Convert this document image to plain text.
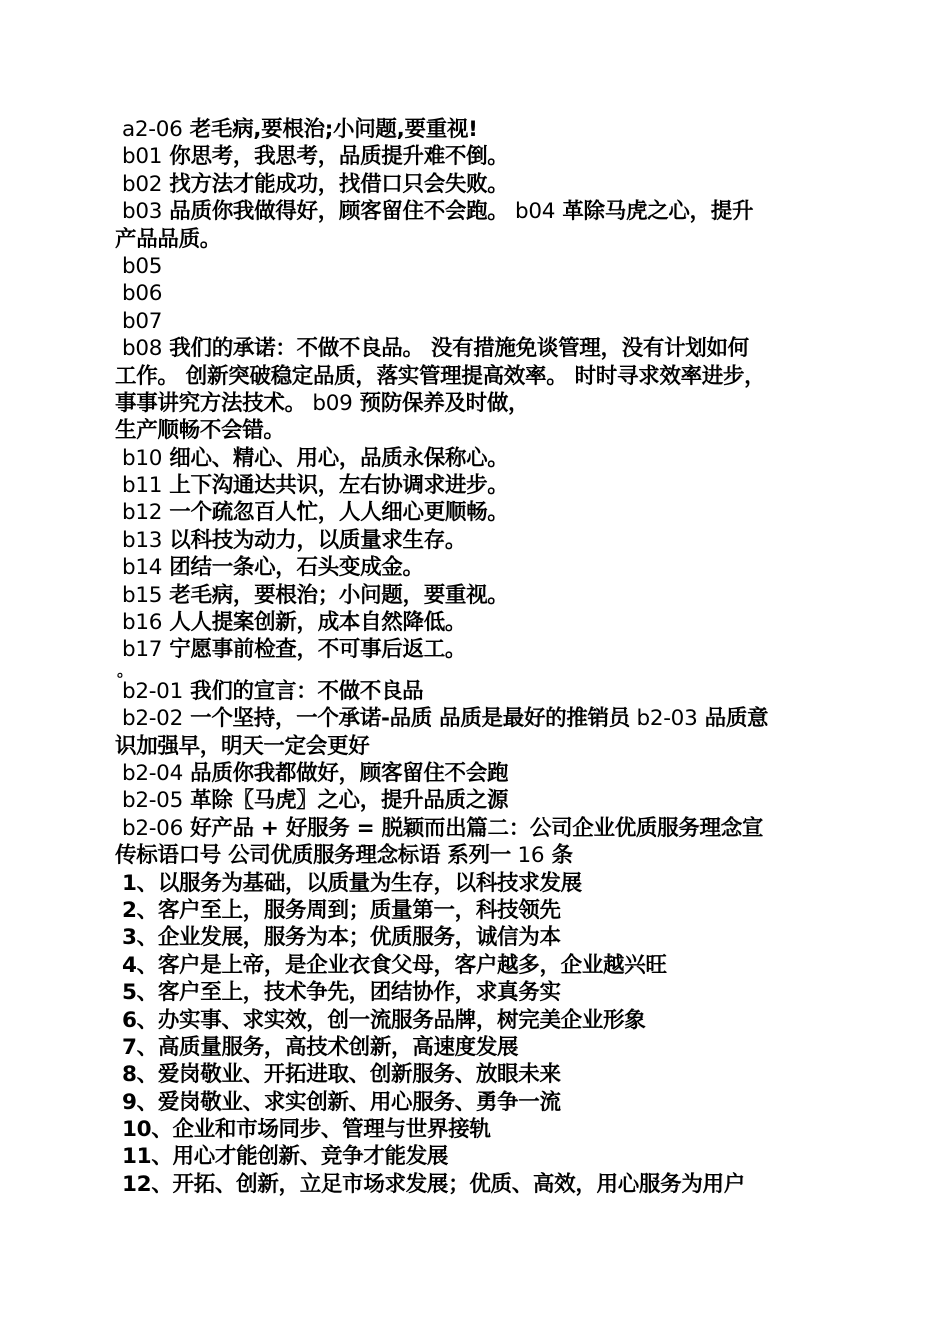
a2-06 老毛病,要根治;小问题,要重视!
b01 你思考，我思考，品质提升难不倒。
b02 找方法才能成功，找借口只会失败。
b03 品质你我做得好，顾客留住不会跑。 b04 革除马虎之心，提升
产品品质。
b05
b06
b07
b08 我们的承诺：不做不良品。 没有措施免谈管理，没有计划如何
工作。 创新突破稳定品质，落实管理提高效率。 时时寻求效率进步，
事事讲究方法技术。 b09 预防保养及时做，
生产顺畅不会错。
b10 细心、精心、用心，品质永保称心。
b11 上下沟通达共识，左右协调求进步。
b12 一个疏忽百人忙，人人细心更顺畅。
b13 以科技为动力，以质量求生存。
b14 团结一条心，石头变成金。
b15 老毛病，要根治；小问题，要重视。
b16 人人提案创新，成本自然降低。
b17 宁愿事前检查，不可事后返工。
。
b2-01 我们的宣言：不做不良品
b2-02 一个坚持，一个承诺-品质 品质是最好的推销员 b2-03 品质意
识加强早，明天一定会更好
b2-04 品质你我都做好，顾客留住不会跑
b2-05 革除〖马虎〗之心，提升品质之源
b2-06 好产品 + 好服务 = 脱颖而出篇二：公司企业优质服务理念宣
传标语口号 公司优质服务理念标语 系列一 16 条
1、以服务为基础，以质量为生存，以科技求发展
2、客户至上，服务周到；质量第一，科技领先
3、企业发展，服务为本；优质服务，诚信为本
4、客户是上帝，是企业衣食父母，客户越多，企业越兴旺
5、客户至上，技术争先，团结协作，求真务实
6、办实事、求实效，创一流服务品牌，树完美企业形象
7、高质量服务，高技术创新，高速度发展
8、爱岗敬业、开拓进取、创新服务、放眼未来
9、爱岗敬业、求实创新、用心服务、勇争一流
10、企业和市场同步、管理与世界接轨
11、用心才能创新、竞争才能发展
12、开拓、创新，立足市场求发展；优质、高效，用心服务为用户
